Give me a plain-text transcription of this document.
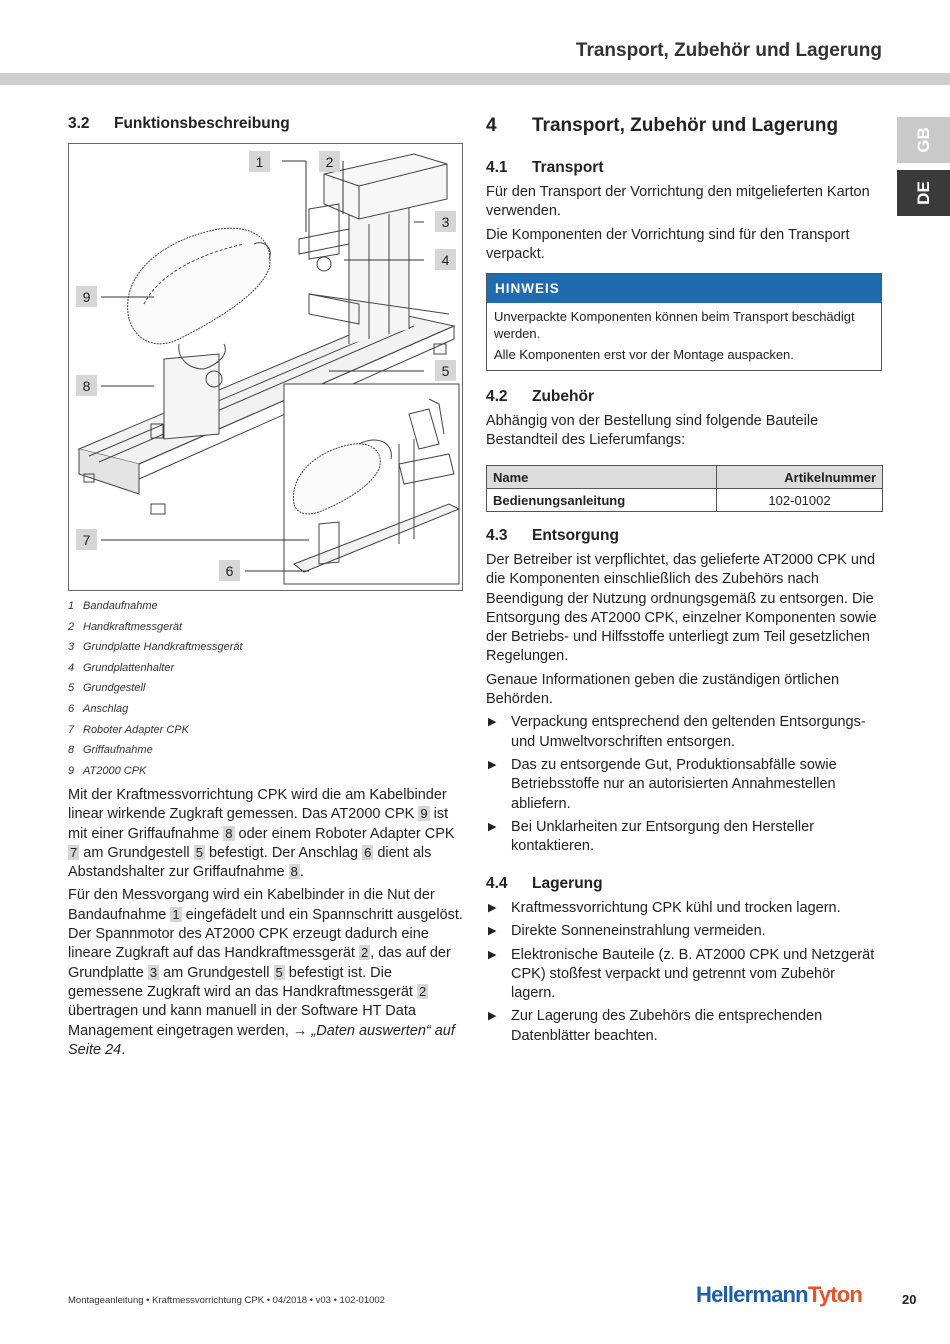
Transport, Zubehör und Lagerung
GB
DE
3.2 Funktionsbeschreibung
1	2
3
4
5
6
7
8
9
1 Bandaufnahme
2 Handkraftmessgerät
3 Grundplatte Handkraftmessgerät
4 Grundplattenhalter
5 Grundgestell
6 Anschlag
7 Roboter Adapter CPK
8 Griffaufnahme
9 AT2000 CPK

Mit der Kraftmessvorrichtung CPK wird die am Kabelbinder linear wirkende Zugkraft gemessen. Das AT2000 CPK 9 ist mit einer Griffaufnahme 8 oder einem Roboter Adapter CPK 7 am Grundgestell 5 befestigt. Der Anschlag 6 dient als Abstandshalter zur Griffaufnahme 8 .

Für den Messvorgang wird ein Kabelbinder in die Nut der Bandaufnahme 1 eingefädelt und ein Spannschritt ausgelöst. Der Spannmotor des AT2000 CPK erzeugt dadurch eine lineare Zugkraft auf das Handkraftmessgerät 2 , das auf der Grundplatte 3 am Grundgestell 5 befestigt ist. Die gemessene Zugkraft wird an das Handkraftmessgerät 2 übertragen und kann manuell in der Software HT Data Management eingetragen werden, → „Daten auswerten“ auf Seite 24.

4 Transport, Zubehör und Lagerung
4.1 Transport

Für den Transport der Vorrichtung den mitgelieferten Karton verwenden.

Die Komponenten der Vorrichtung sind für den Transport verpackt.

HINWEIS

Unverpackte Komponenten können beim Transport beschädigt werden.

Alle Komponenten erst vor der Montage auspacken.

4.2 Zubehör
Abhängig von der Bestellung sind folgende Bauteile Bestandteil des Lieferumfangs:
Name	Artikelnummer
Bedienungsanleitung	102-01002
4.3 Entsorgung

Der Betreiber ist verpflichtet, das gelieferte AT2000 CPK und die Komponenten einschließlich des Zubehörs nach Beendigung der Nutzung ordnungsgemäß zu entsorgen. Die Entsorgung des AT2000 CPK, einzelner Komponenten sowie der Betriebs- und Hilfsstoffe unterliegt zum Teil gesetzlichen Regelungen.

Genaue Informationen geben die zuständigen örtlichen Behörden.

▶ Verpackung entsprechend den geltenden Entsorgungs- und Umweltvorschriften entsorgen.
▶ Das zu entsorgende Gut, Produktionsabfälle sowie Betriebsstoffe nur an autorisierten Annahmestellen abliefern.
▶ Bei Unklarheiten zur Entsorgung den Hersteller kontaktieren.
4.4 Lagerung
▶ Kraftmessvorrichtung CPK kühl und trocken lagern.
▶ Direkte Sonneneinstrahlung vermeiden.
▶ Elektronische Bauteile (z. B. AT2000 CPK und Netzgerät CPK) stoßfest verpackt und getrennt vom Zubehör lagern.
▶ Zur Lagerung des Zubehörs die entsprechenden Datenblätter beachten.
Montageanleitung • Kraftmessvorrichtung CPK • 04/2018 • v03 • 102-01002	HellermannTyton	20
